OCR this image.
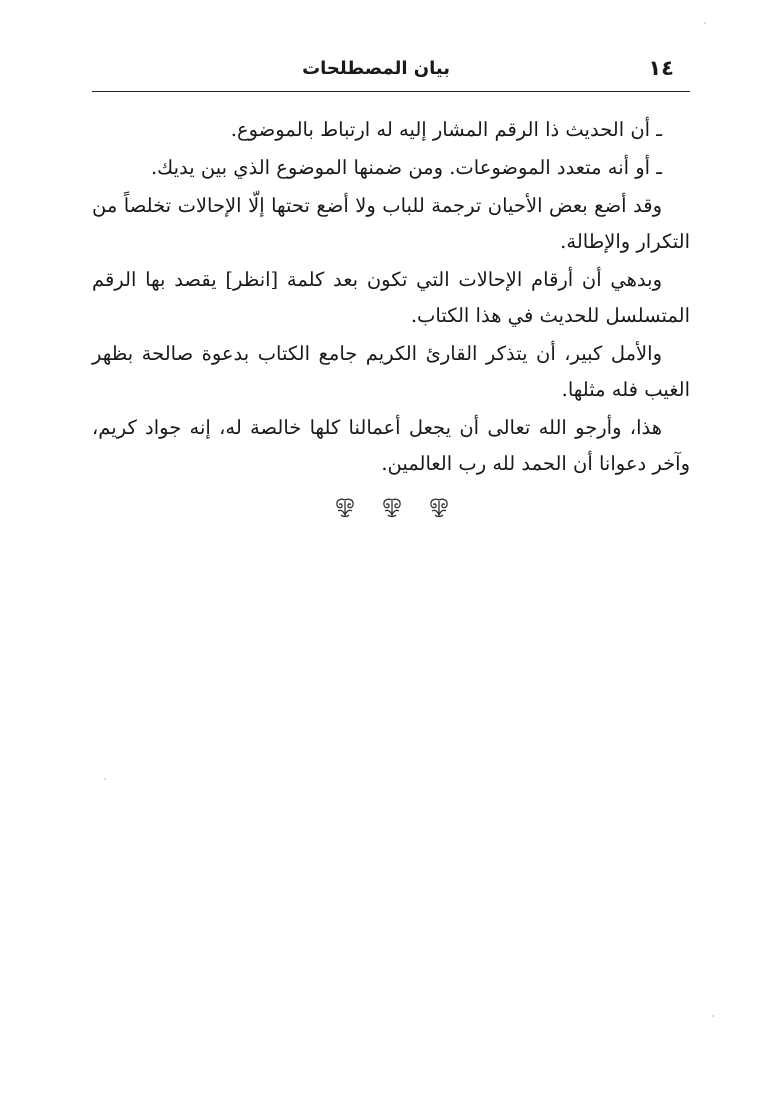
بيان المصطلحات	١٤

ـ أن الحديث ذا الرقم المشار إليه له ارتباط بالموضوع.

ـ أو أنه متعدد الموضوعات. ومن ضمنها الموضوع الذي بين يديك.

وقد أضع بعض الأحيان ترجمة للباب ولا أضع تحتها إلّا الإحالات تخلصاً من التكرار والإطالة.

وبدهي أن أرقام الإحالات التي تكون بعد كلمة [انظر] يقصد بها الرقم المتسلسل للحديث في هذا الكتاب.

والأمل كبير، أن يتذكر القارئ الكريم جامع الكتاب بدعوة صالحة بظهر الغيب فله مثلها.

هذا، وأرجو الله تعالى أن يجعل أعمالنا كلها خالصة له، إنه جواد كريم، وآخر دعوانا أن الحمد لله رب العالمين.
